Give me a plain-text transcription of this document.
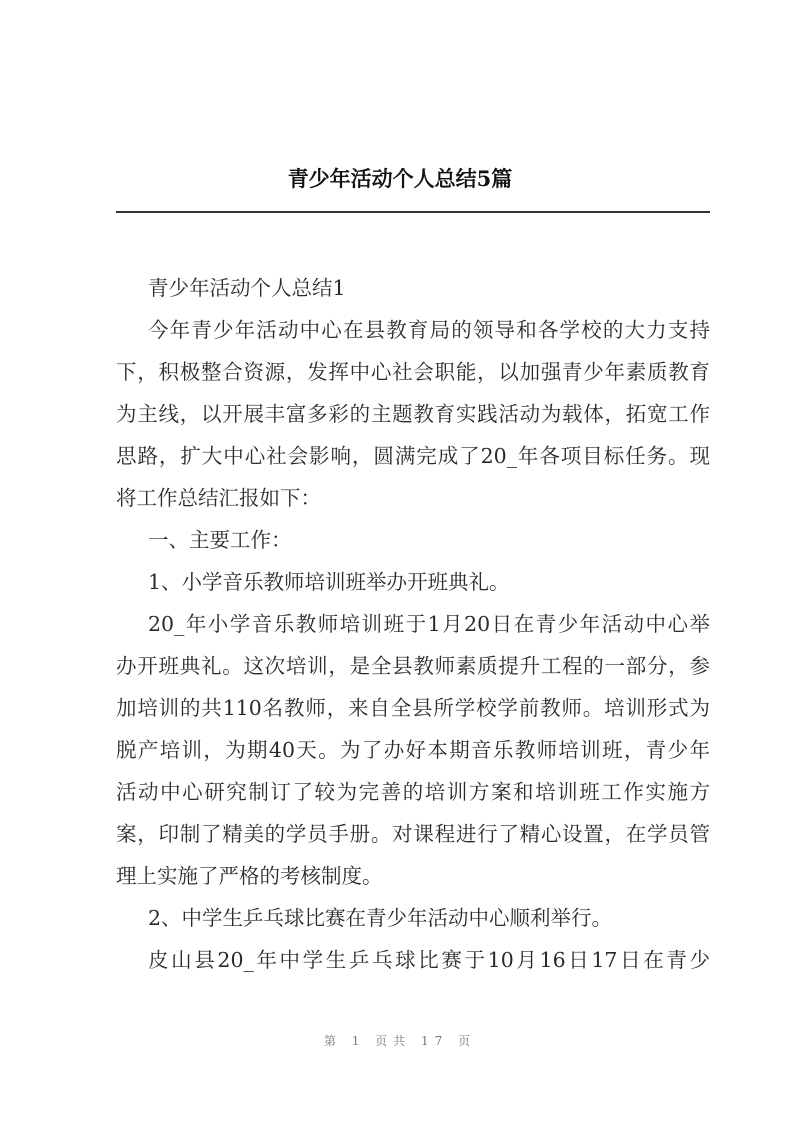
青少年活动个人总结5篇
青少年活动个人总结1
今年青少年活动中心在县教育局的领导和各学校的大力支持
下，积极整合资源，发挥中心社会职能，以加强青少年素质教育
为主线，以开展丰富多彩的主题教育实践活动为载体，拓宽工作
思路，扩大中心社会影响，圆满完成了20_年各项目标任务。现
将工作总结汇报如下：
一、主要工作：
1、小学音乐教师培训班举办开班典礼。
20_年小学音乐教师培训班于1月20日在青少年活动中心举
办开班典礼。这次培训，是全县教师素质提升工程的一部分，参
加培训的共110名教师，来自全县所学校学前教师。培训形式为
脱产培训，为期40天。为了办好本期音乐教师培训班，青少年
活动中心研究制订了较为完善的培训方案和培训班工作实施方
案，印制了精美的学员手册。对课程进行了精心设置，在学员管
理上实施了严格的考核制度。
2、中学生乒乓球比赛在青少年活动中心顺利举行。
皮山县20_年中学生乒乓球比赛于10月16日17日在青少
第 1 页共 17 页
